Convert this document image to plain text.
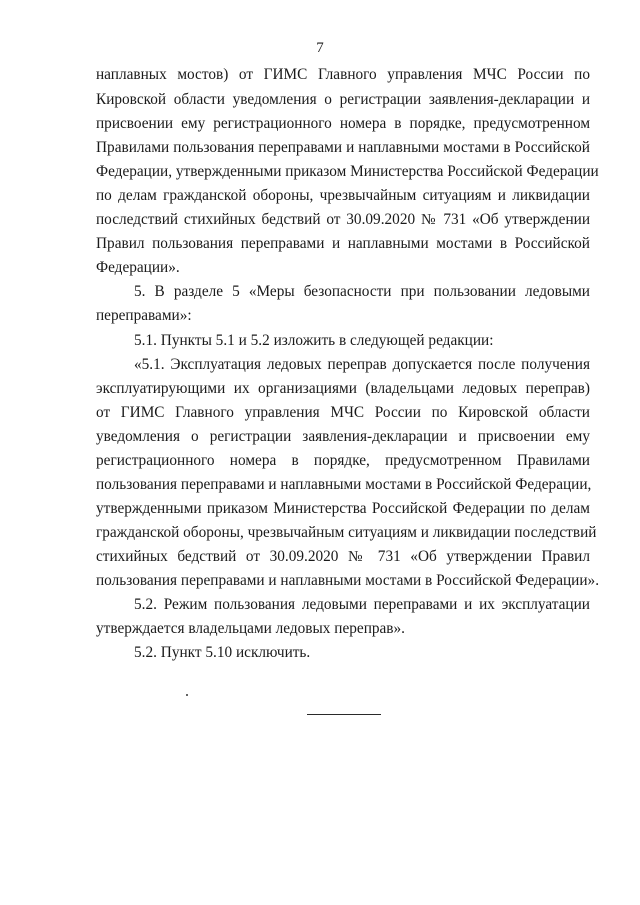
7
наплавных мостов) от ГИМС Главного управления МЧС России по
Кировской области уведомления о регистрации заявления-декларации и
присвоении ему регистрационного номера в порядке, предусмотренном
Правилами пользования переправами и наплавными мостами в Российской
Федерации, утвержденными приказом Министерства Российской Федерации
по делам гражданской обороны, чрезвычайным ситуациям и ликвидации
последствий стихийных бедствий от 30.09.2020 № 731 «Об утверждении
Правил пользования переправами и наплавными мостами в Российской
Федерации».
5. В разделе 5 «Меры безопасности при пользовании ледовыми
переправами»:
5.1. Пункты 5.1 и 5.2 изложить в следующей редакции:
«5.1. Эксплуатация ледовых переправ допускается после получения
эксплуатирующими их организациями (владельцами ледовых переправ)
от ГИМС Главного управления МЧС России по Кировской области
уведомления о регистрации заявления-декларации и присвоении ему
регистрационного номера в порядке, предусмотренном Правилами
пользования переправами и наплавными мостами в Российской Федерации,
утвержденными приказом Министерства Российской Федерации по делам
гражданской обороны, чрезвычайным ситуациям и ликвидации последствий
стихийных бедствий от 30.09.2020 № 731 «Об утверждении Правил
пользования переправами и наплавными мостами в Российской Федерации».
5.2. Режим пользования ледовыми переправами и их эксплуатации
утверждается владельцами ледовых переправ».
5.2. Пункт 5.10 исключить.
